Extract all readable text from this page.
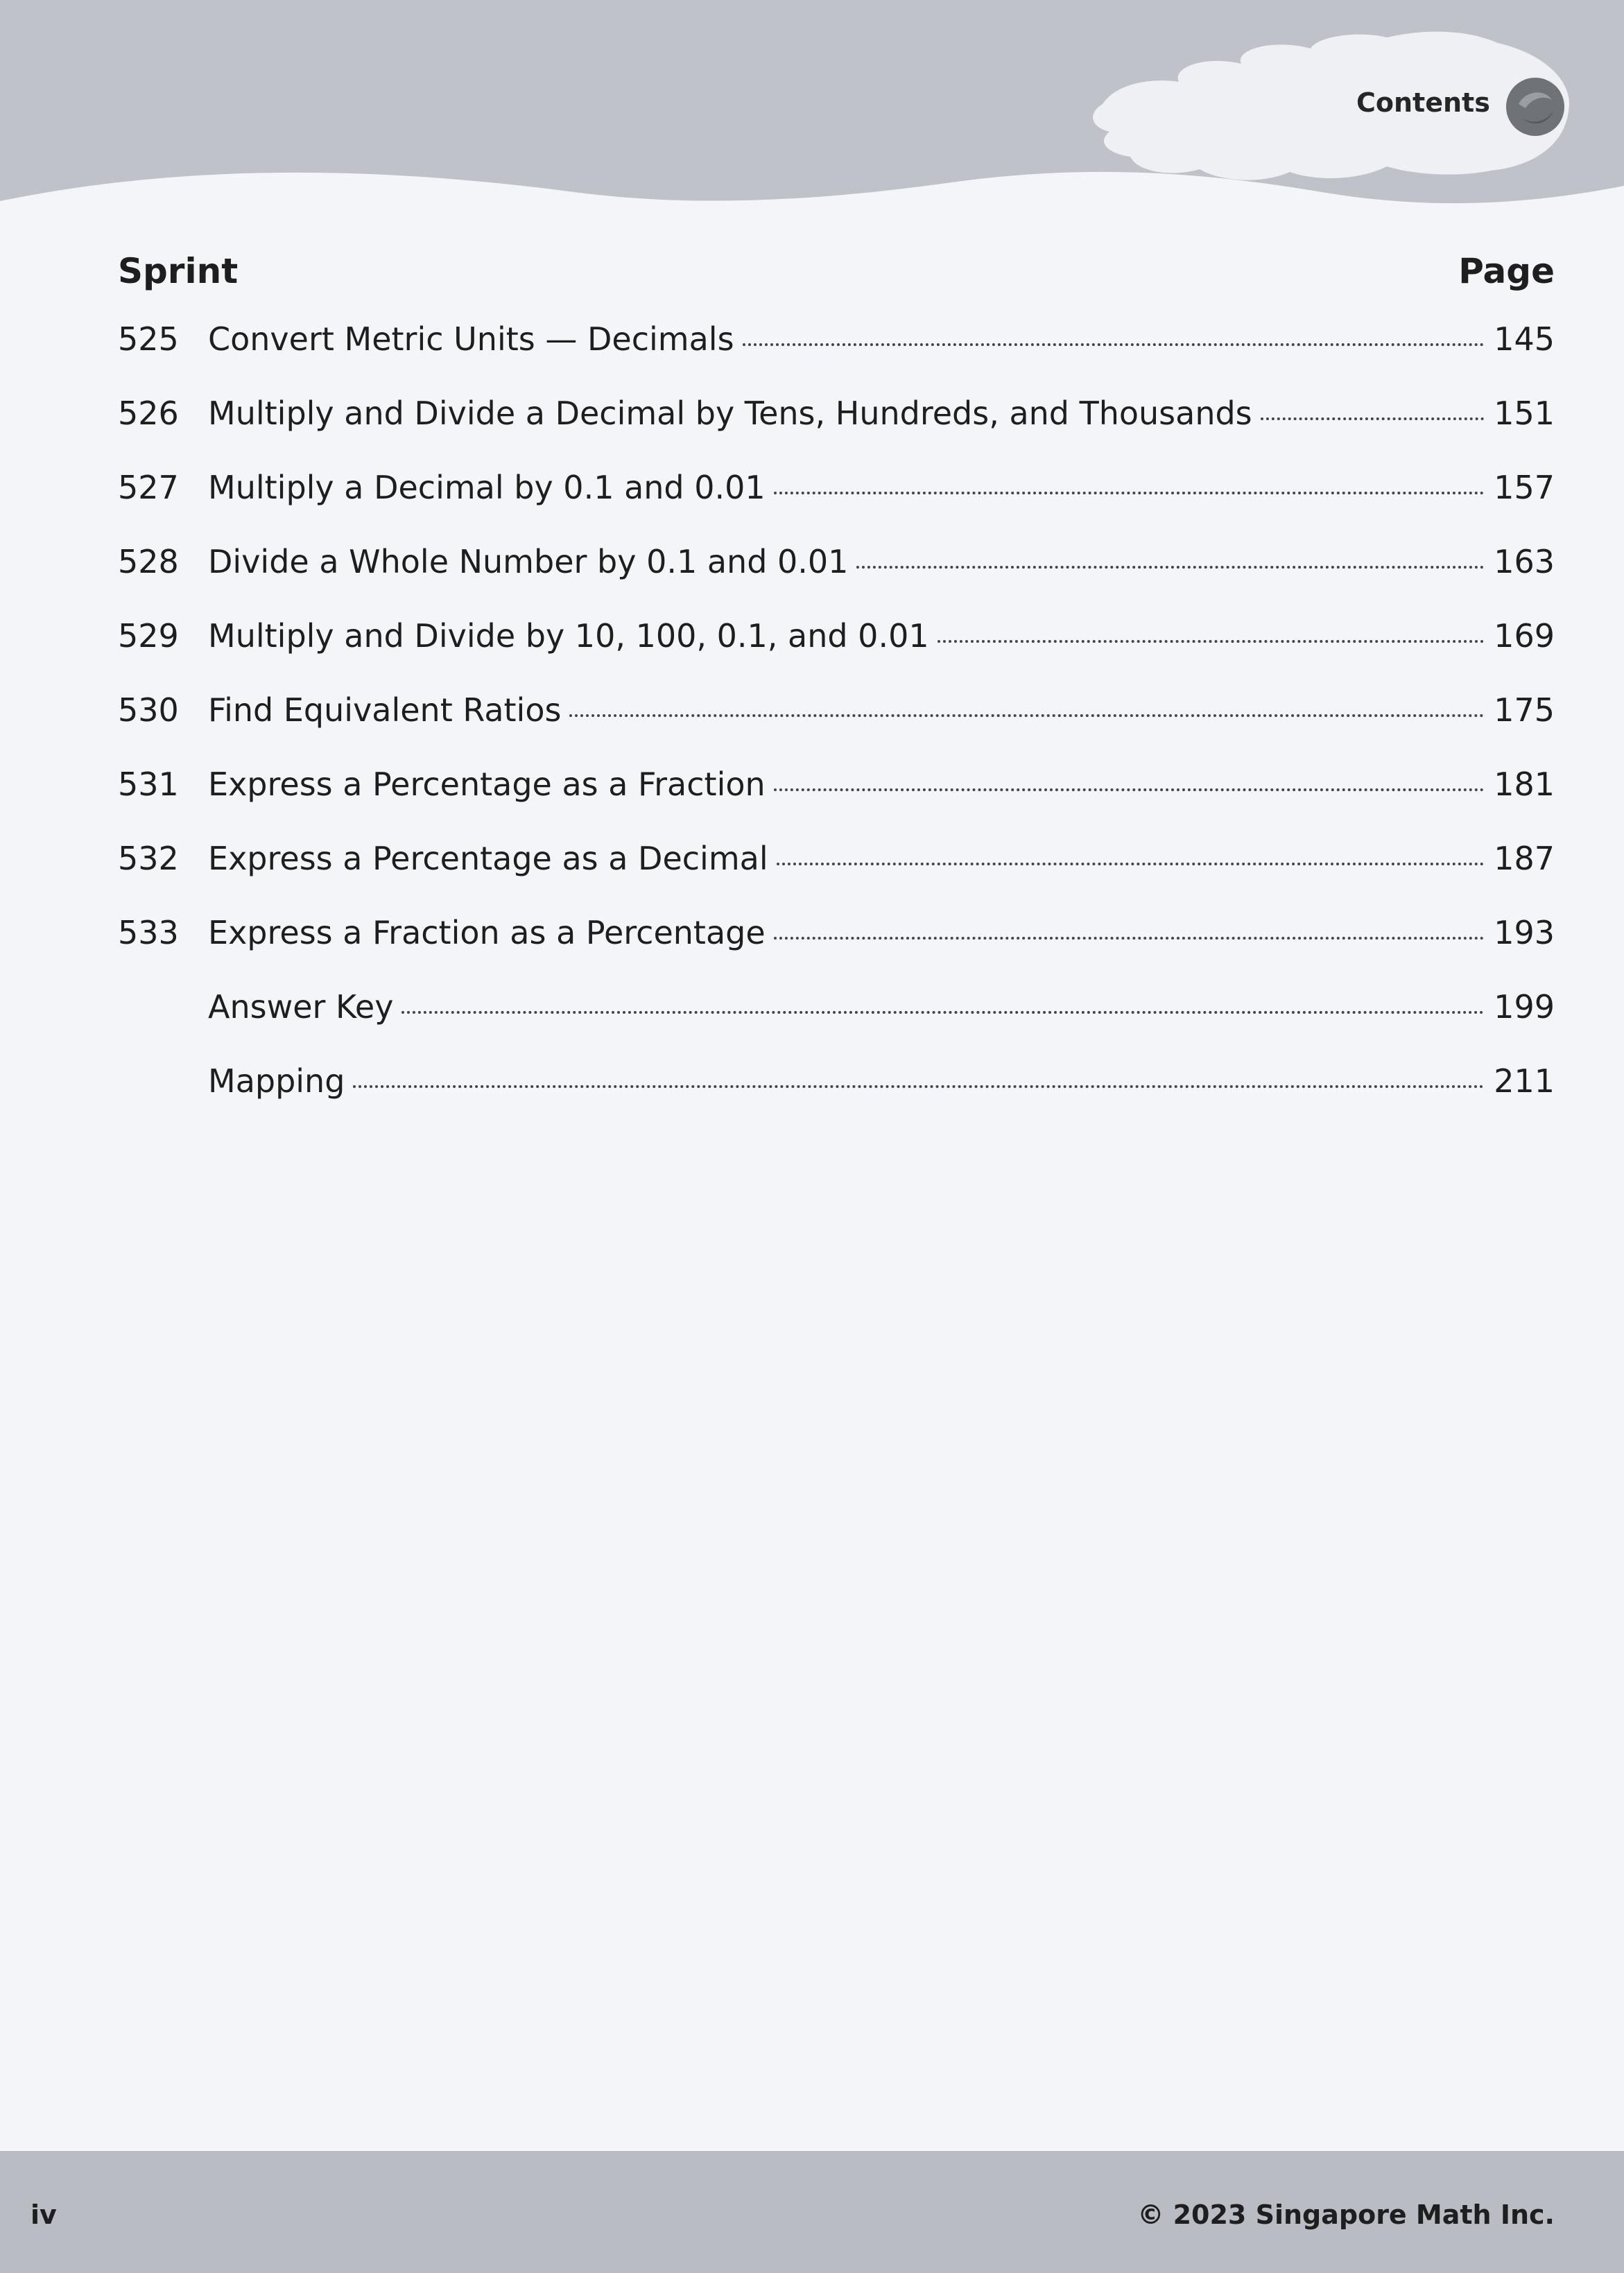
Contents
Sprint	Page
525 Convert Metric Units — Decimals	145
526 Multiply and Divide a Decimal by Tens, Hundreds, and Thousands	151
527 Multiply a Decimal by 0.1 and 0.01	157
528 Divide a Whole Number by 0.1 and 0.01	163
529 Multiply and Divide by 10, 100, 0.1, and 0.01	169
530 Find Equivalent Ratios	175
531 Express a Percentage as a Fraction	181
532 Express a Percentage as a Decimal	187
533 Express a Fraction as a Percentage	193
Answer Key	199
Mapping	211
iv	© 2023 Singapore Math Inc.
